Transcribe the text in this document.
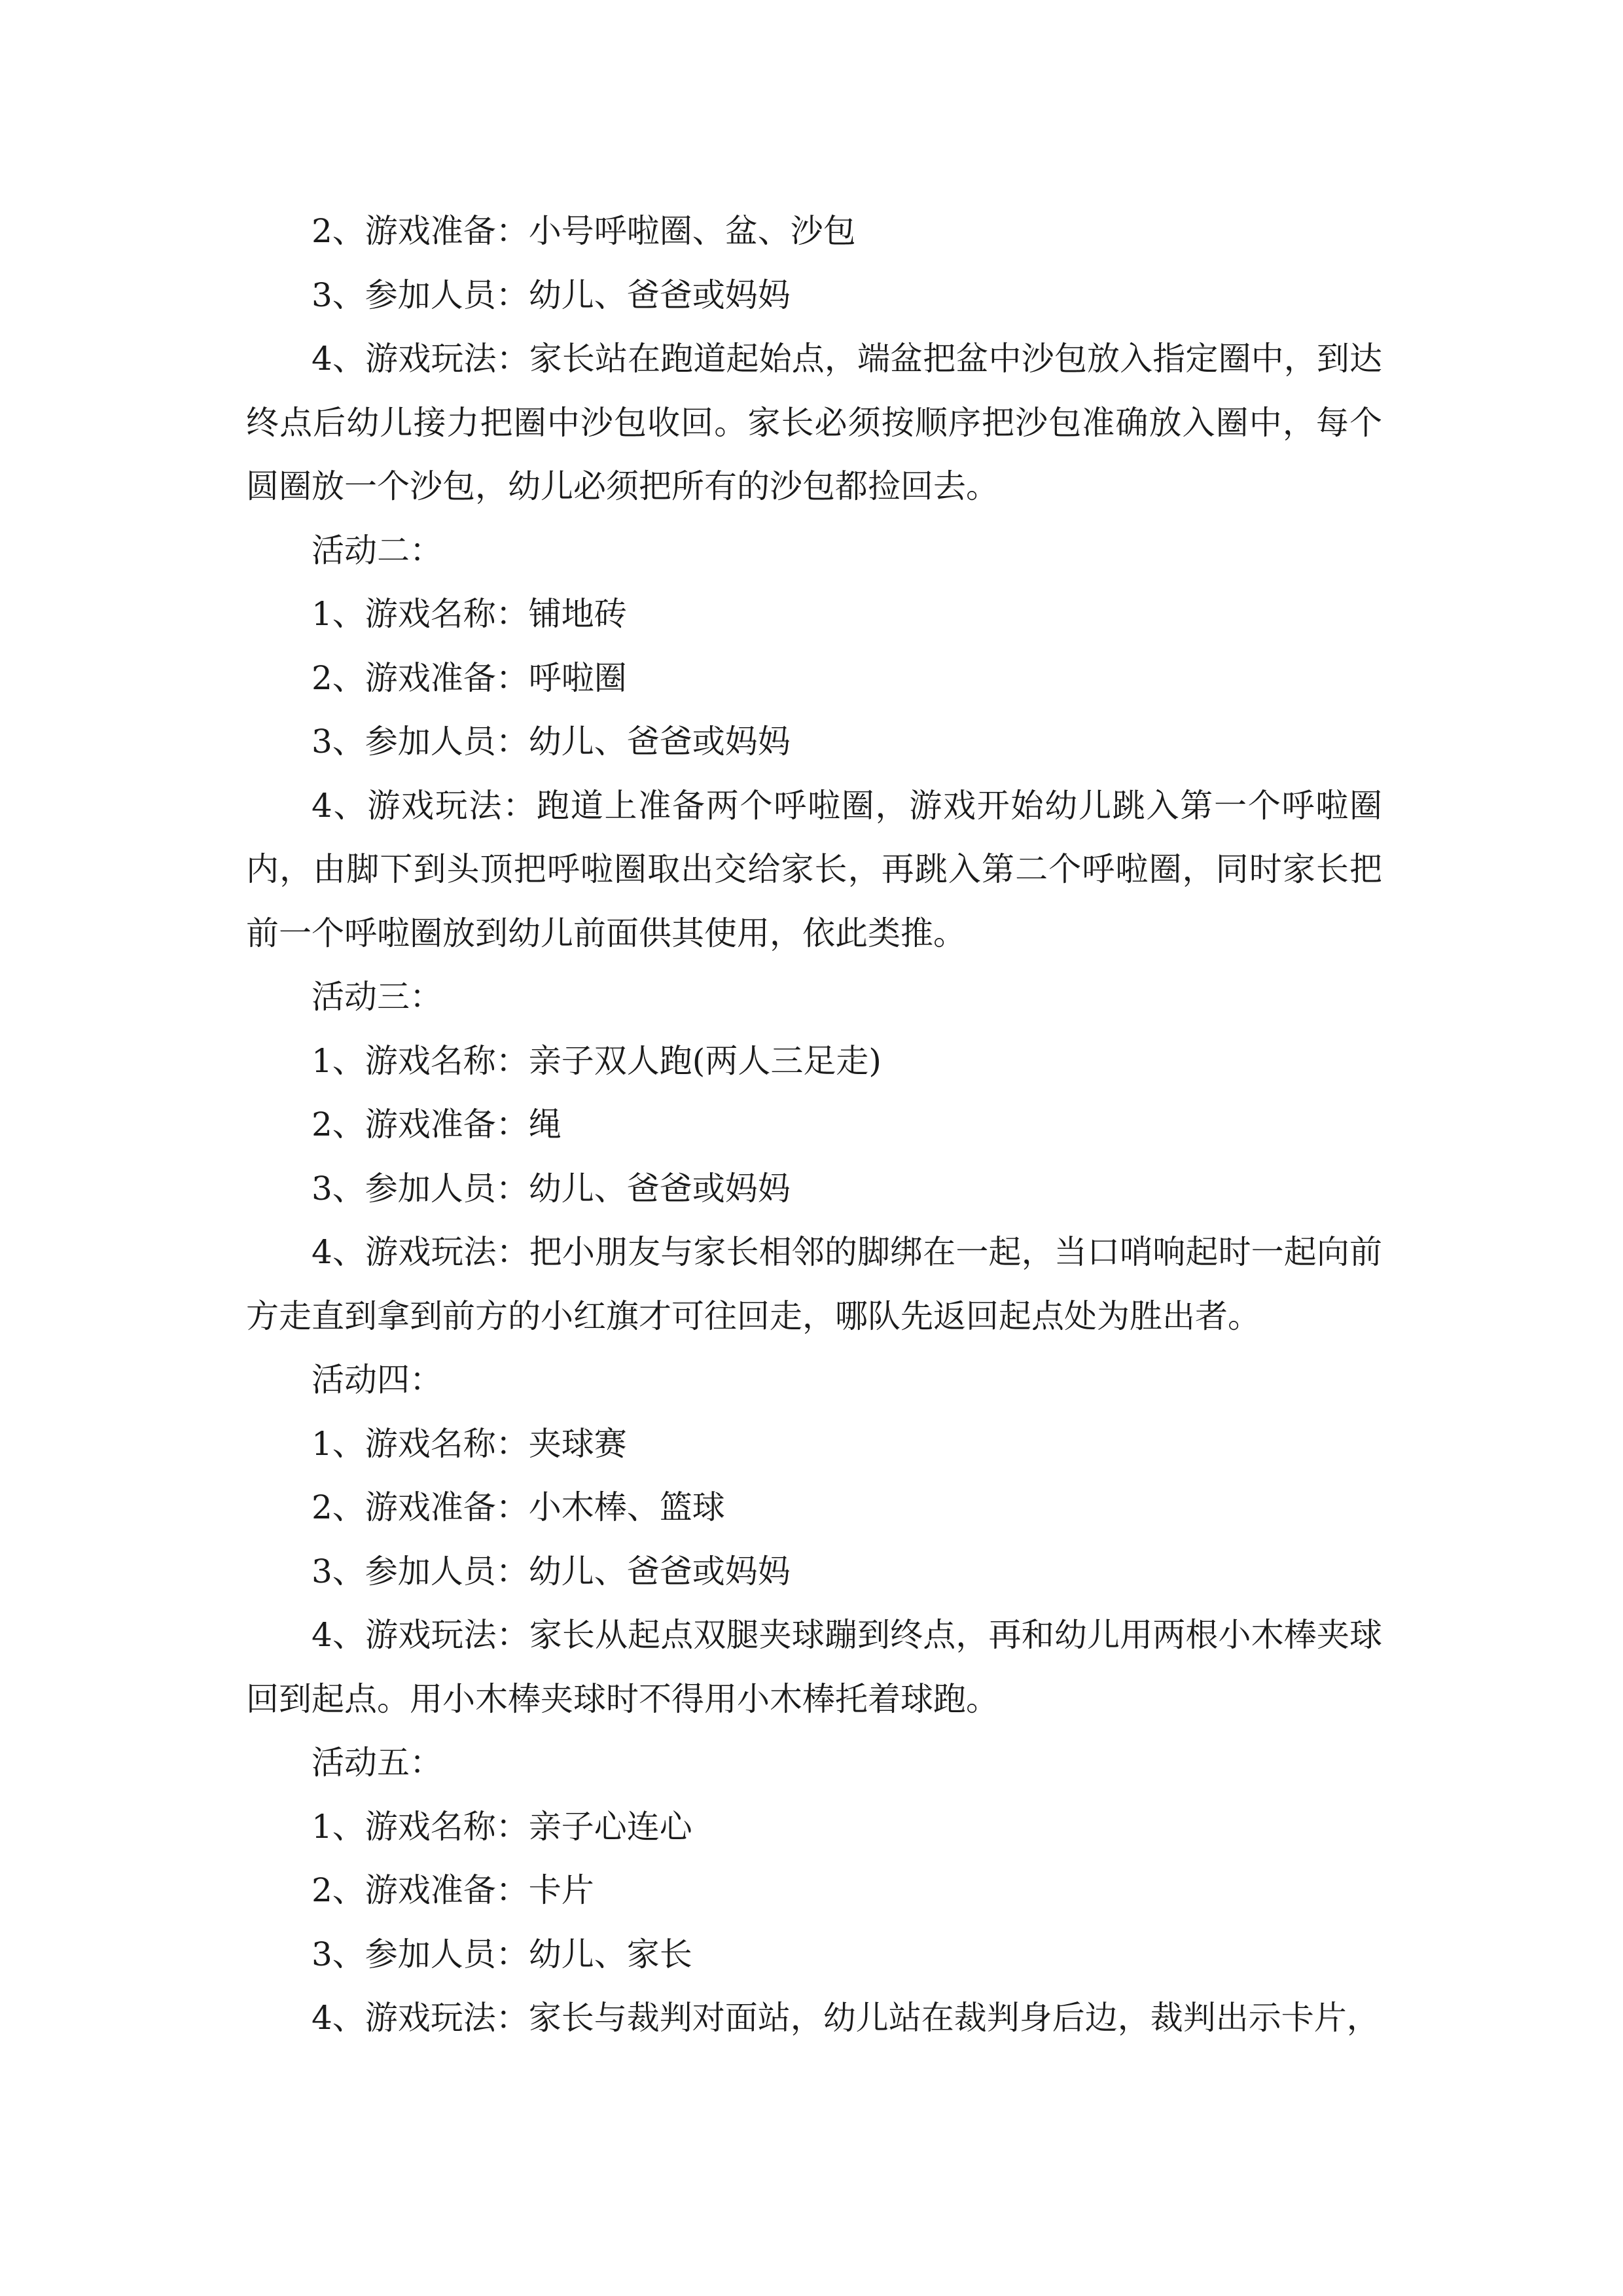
2、游戏准备：小号呼啦圈、盆、沙包

3、参加人员：幼儿、爸爸或妈妈

4、游戏玩法：家长站在跑道起始点，端盆把盆中沙包放入指定圈中，到达终点后幼儿接力把圈中沙包收回。家长必须按顺序把沙包准确放入圈中，每个圆圈放一个沙包，幼儿必须把所有的沙包都捡回去。

活动二：

1、游戏名称：铺地砖

2、游戏准备：呼啦圈

3、参加人员：幼儿、爸爸或妈妈

4、游戏玩法：跑道上准备两个呼啦圈，游戏开始幼儿跳入第一个呼啦圈内，由脚下到头顶把呼啦圈取出交给家长，再跳入第二个呼啦圈，同时家长把前一个呼啦圈放到幼儿前面供其使用，依此类推。

活动三：

1、游戏名称：亲子双人跑(两人三足走)

2、游戏准备：绳

3、参加人员：幼儿、爸爸或妈妈

4、游戏玩法：把小朋友与家长相邻的脚绑在一起，当口哨响起时一起向前方走直到拿到前方的小红旗才可往回走，哪队先返回起点处为胜出者。

活动四：

1、游戏名称：夹球赛

2、游戏准备：小木棒、篮球

3、参加人员：幼儿、爸爸或妈妈

4、游戏玩法：家长从起点双腿夹球蹦到终点，再和幼儿用两根小木棒夹球回到起点。用小木棒夹球时不得用小木棒托着球跑。

活动五：

1、游戏名称：亲子心连心

2、游戏准备：卡片

3、参加人员：幼儿、家长

4、游戏玩法：家长与裁判对面站，幼儿站在裁判身后边，裁判出示卡片，
